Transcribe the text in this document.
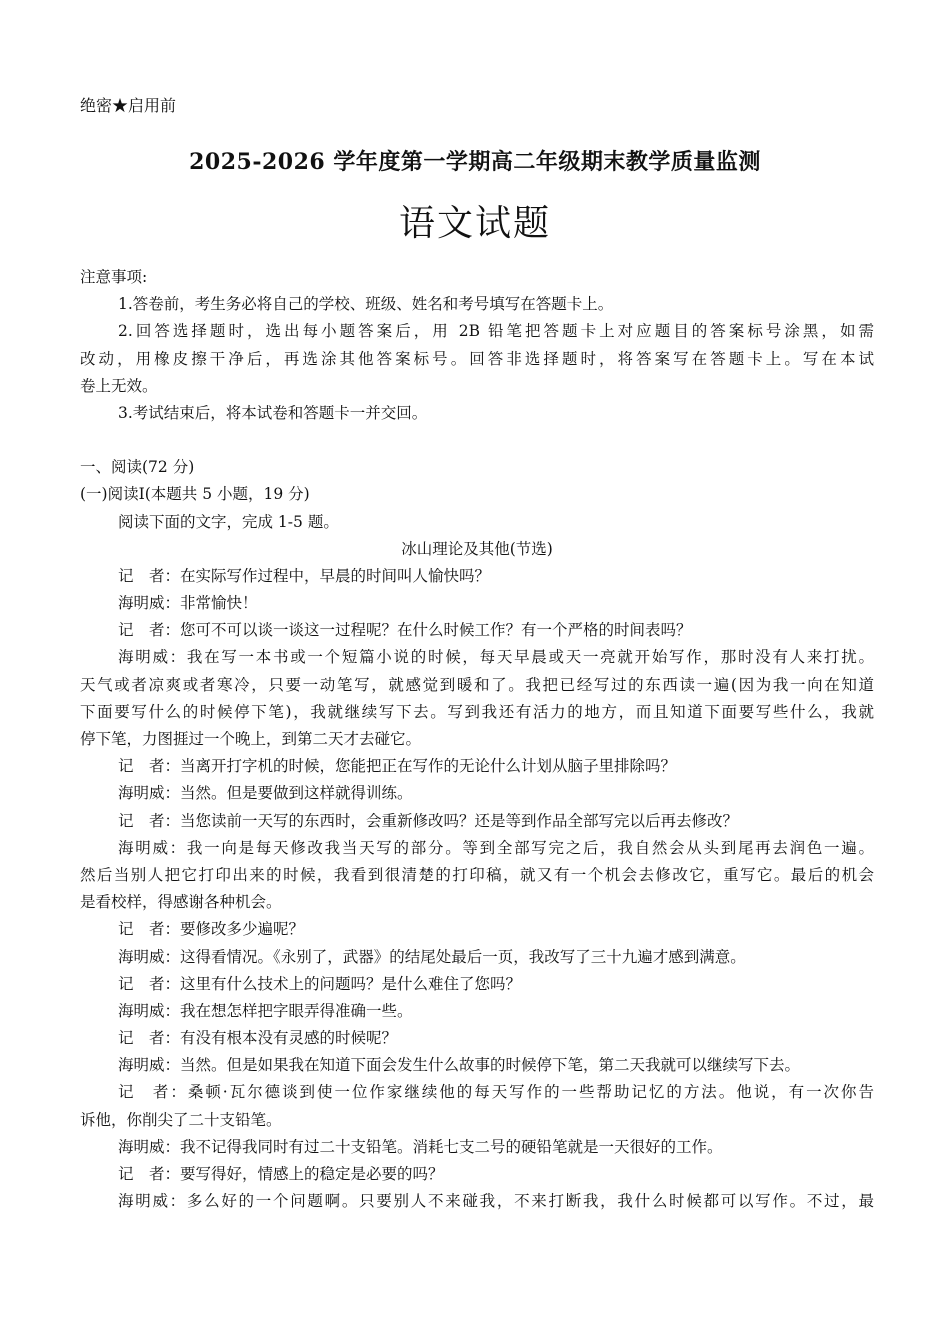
绝密★启用前
2025-2026 学年度第一学期高二年级期末教学质量监测
语文试题
注意事项:
1.答卷前，考生务必将自己的学校、班级、姓名和考号填写在答题卡上。
2.回答选择题时，选出每小题答案后，用 2B 铅笔把答题卡上对应题目的答案标号涂黑，如需
改动，用橡皮擦干净后，再选涂其他答案标号。回答非选择题时，将答案写在答题卡上。写在本试
卷上无效。
3.考试结束后，将本试卷和答题卡一并交回。
一、阅读(72 分)
(一)阅读Ⅰ(本题共 5 小题，19 分)
阅读下面的文字，完成 1-5 题。
冰山理论及其他(节选)
记　者：在实际写作过程中，早晨的时间叫人愉快吗？
海明威：非常愉快！
记　者：您可不可以谈一谈这一过程呢？在什么时候工作？有一个严格的时间表吗？
海明威：我在写一本书或一个短篇小说的时候，每天早晨或天一亮就开始写作，那时没有人来打扰。
天气或者凉爽或者寒冷，只要一动笔写，就感觉到暖和了。我把已经写过的东西读一遍(因为我一向在知道
下面要写什么的时候停下笔)，我就继续写下去。写到我还有活力的地方，而且知道下面要写些什么，我就
停下笔，力图捱过一个晚上，到第二天才去碰它。
记　者：当离开打字机的时候，您能把正在写作的无论什么计划从脑子里排除吗？
海明威：当然。但是要做到这样就得训练。
记　者：当您读前一天写的东西时，会重新修改吗？还是等到作品全部写完以后再去修改？
海明威：我一向是每天修改我当天写的部分。等到全部写完之后，我自然会从头到尾再去润色一遍。
然后当别人把它打印出来的时候，我看到很清楚的打印稿，就又有一个机会去修改它，重写它。最后的机会
是看校样，得感谢各种机会。
记　者：要修改多少遍呢？
海明威：这得看情况。《永别了，武器》的结尾处最后一页，我改写了三十九遍才感到满意。
记　者：这里有什么技术上的问题吗？是什么难住了您吗？
海明威：我在想怎样把字眼弄得准确一些。
记　者：有没有根本没有灵感的时候呢？
海明威：当然。但是如果我在知道下面会发生什么故事的时候停下笔，第二天我就可以继续写下去。
记　者：桑顿·瓦尔德谈到使一位作家继续他的每天写作的一些帮助记忆的方法。他说，有一次你告
诉他，你削尖了二十支铅笔。
海明威：我不记得我同时有过二十支铅笔。消耗七支二号的硬铅笔就是一天很好的工作。
记　者：要写得好，情感上的稳定是必要的吗？
海明威：多么好的一个问题啊。只要别人不来碰我，不来打断我，我什么时候都可以写作。不过，最
